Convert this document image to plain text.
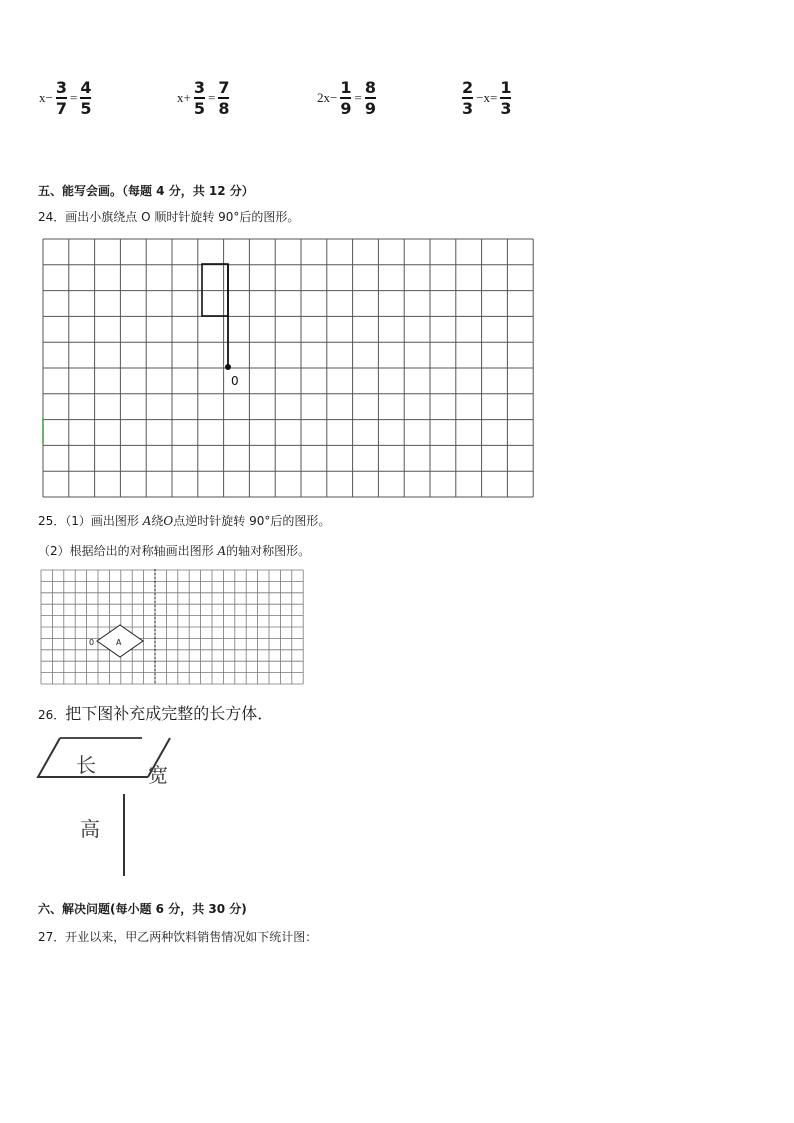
$x- \frac{3}{7} = \frac{4}{5}$	$x+ \frac{3}{5} = \frac{7}{8}$	$2x- \frac{1}{9} = \frac{8}{9}$	$\frac{2}{3} -x= \frac{1}{3}$
五、能写会画。（每题 4 分，共 12 分）
24．画出小旗绕点 O 顺时针旋转 90°后的图形。
0
25．（1）画出图形 A绕O点逆时针旋转 90°后的图形。
（2）根据给出的对称轴画出图形 A的轴对称图形。
A
0
26．把下图补充成完整的长方体．
长	宽
高
六、解决问题(每小题 6 分，共 30 分)
27．开业以来，甲乙两种饮料销售情况如下统计图：
